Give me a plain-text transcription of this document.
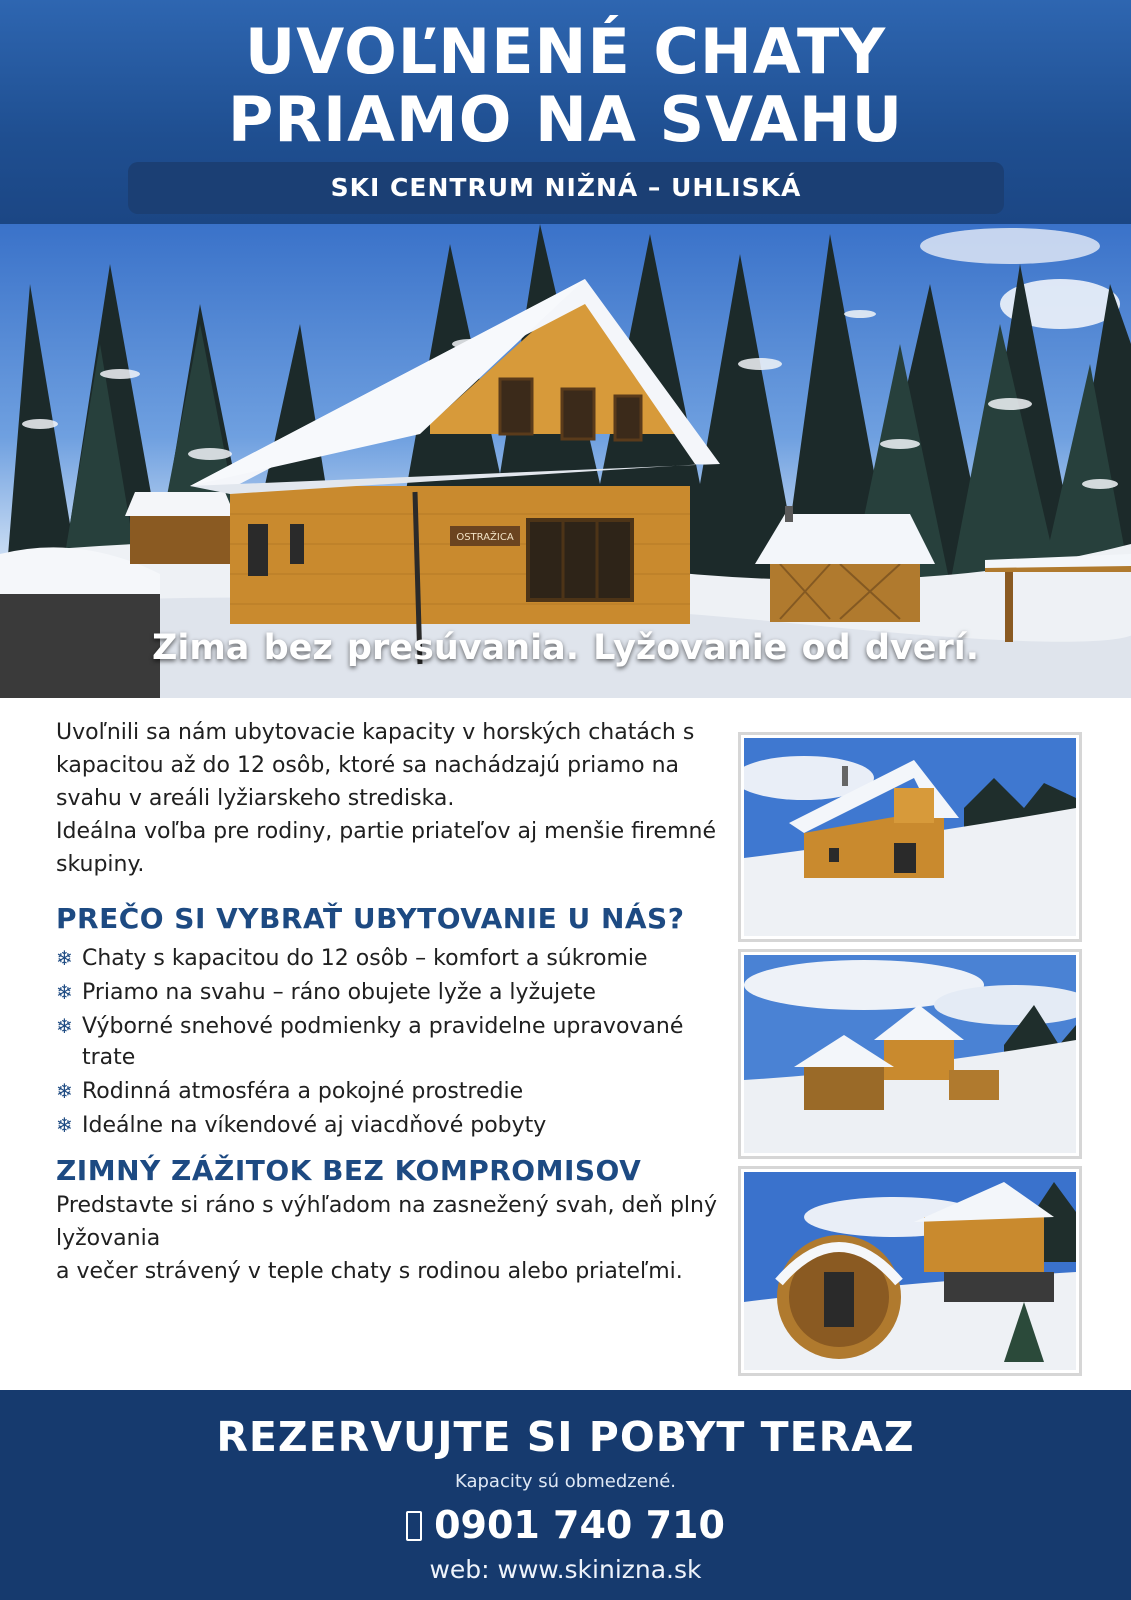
UVOĽNENÉ CHATY
PRIAMO NA SVAHU
SKI CENTRUM NIŽNÁ – UHLISKÁ
OSTRAŽICA
Zima bez presúvania. Lyžovanie od dverí.

Uvoľnili sa nám ubytovacie kapacity v horských chatách s kapacitou až do 12 osôb, ktoré sa nachádzajú priamo na svahu v areáli lyžiarskeho strediska.

Ideálna voľba pre rodiny, partie priateľov aj menšie firemné skupiny.

PREČO SI VYBRAŤ UBYTOVANIE U NÁS?
❄ Chaty s kapacitou do 12 osôb – komfort a súkromie
❄ Priamo na svahu – ráno obujete lyže a lyžujete
❄ Výborné snehové podmienky a pravidelne upravované trate
❄ Rodinná atmosféra a pokojné prostredie
❄ Ideálne na víkendové aj viacdňové pobyty
ZIMNÝ ZÁŽITOK BEZ KOMPROMISOV
Predstavte si ráno s výhľadom na zasnežený svah, deň plný lyžovania
a večer strávený v teple chaty s rodinou alebo priateľmi.
REZERVUJTE SI POBYT TERAZ
Kapacity sú obmedzené.
0901 740 710
web: www.skinizna.sk
